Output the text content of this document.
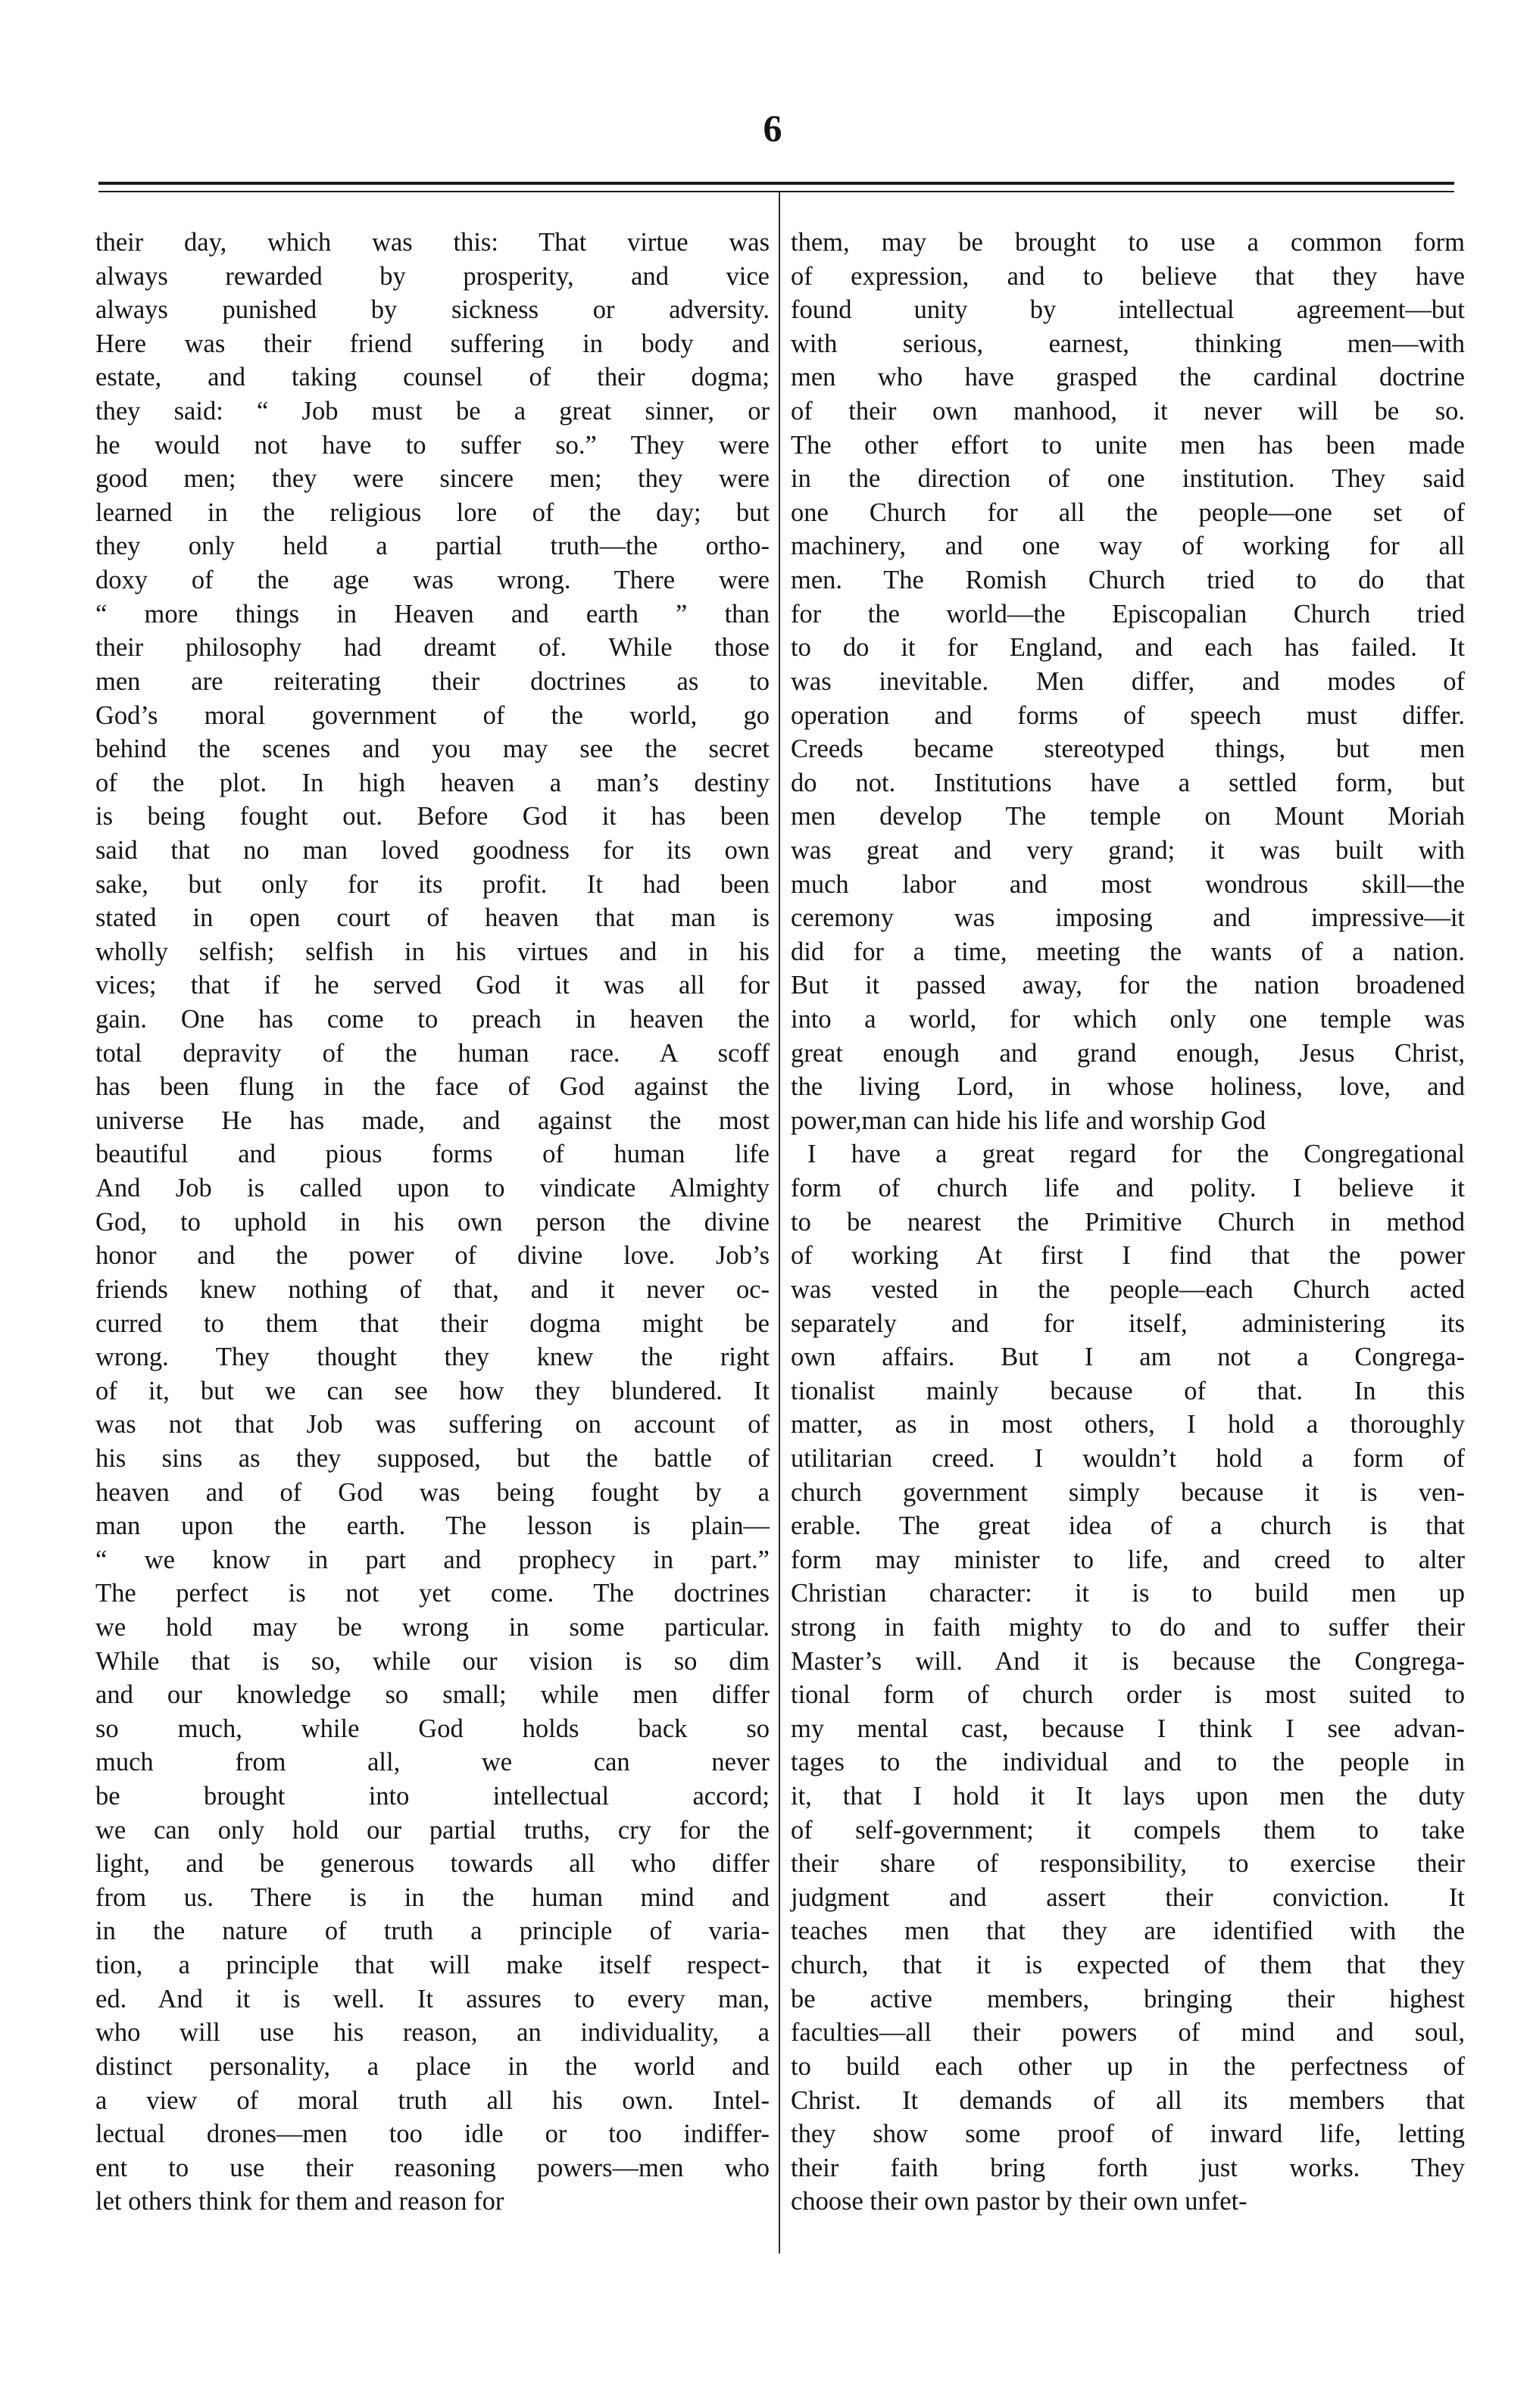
6
their day, which was this: That virtue was
always rewarded by prosperity, and vice
always punished by sickness or adversity.
Here was their friend suffering in body and
estate, and taking counsel of their dogma;
they said: “ Job must be a great sinner, or
he would not have to suffer so.” They were
good men; they were sincere men; they were
learned in the religious lore of the day; but
they only held a partial truth—the ortho-
doxy of the age was wrong. There were
“ more things in Heaven and earth ” than
their philosophy had dreamt of. While those
men are reiterating their doctrines as to
God’s moral government of the world, go
behind the scenes and you may see the secret
of the plot. In high heaven a man’s destiny
is being fought out. Before God it has been
said that no man loved goodness for its own
sake, but only for its profit. It had been
stated in open court of heaven that man is
wholly selfish; selfish in his virtues and in his
vices; that if he served God it was all for
gain. One has come to preach in heaven the
total depravity of the human race. A scoff
has been flung in the face of God against the
universe He has made, and against the most
beautiful and pious forms of human life
And Job is called upon to vindicate Almighty
God, to uphold in his own person the divine
honor and the power of divine love. Job’s
friends knew nothing of that, and it never oc-
curred to them that their dogma might be
wrong. They thought they knew the right
of it, but we can see how they blundered. It
was not that Job was suffering on account of
his sins as they supposed, but the battle of
heaven and of God was being fought by a
man upon the earth. The lesson is plain—
“ we know in part and prophecy in part.”
The perfect is not yet come. The doctrines
we hold may be wrong in some particular.
While that is so, while our vision is so dim
and our knowledge so small; while men differ
so much, while God holds back so
much from all, we can never
be brought into intellectual accord;
we can only hold our partial truths, cry for the
light, and be generous towards all who differ
from us. There is in the human mind and
in the nature of truth a principle of varia-
tion, a principle that will make itself respect-
ed. And it is well. It assures to every man,
who will use his reason, an individuality, a
distinct personality, a place in the world and
a view of moral truth all his own. Intel-
lectual drones—men too idle or too indiffer-
ent to use their reasoning powers—men who
let others think for them and reason for
them, may be brought to use a common form
of expression, and to believe that they have
found unity by intellectual agreement—but
with serious, earnest, thinking men—with
men who have grasped the cardinal doctrine
of their own manhood, it never will be so.
The other effort to unite men has been made
in the direction of one institution. They said
one Church for all the people—one set of
machinery, and one way of working for all
men. The Romish Church tried to do that
for the world—the Episcopalian Church tried
to do it for England, and each has failed. It
was inevitable. Men differ, and modes of
operation and forms of speech must differ.
Creeds became stereotyped things, but men
do not. Institutions have a settled form, but
men develop The temple on Mount Moriah
was great and very grand; it was built with
much labor and most wondrous skill—the
ceremony was imposing and impressive—it
did for a time, meeting the wants of a nation.
But it passed away, for the nation broadened
into a world, for which only one temple was
great enough and grand enough, Jesus Christ,
the living Lord, in whose holiness, love, and
power,man can hide his life and worship God
I have a great regard for the Congregational
form of church life and polity. I believe it
to be nearest the Primitive Church in method
of working At first I find that the power
was vested in the people—each Church acted
separately and for itself, administering its
own affairs. But I am not a Congrega-
tionalist mainly because of that. In this
matter, as in most others, I hold a thoroughly
utilitarian creed. I wouldn’t hold a form of
church government simply because it is ven-
erable. The great idea of a church is that
form may minister to life, and creed to alter
Christian character: it is to build men up
strong in faith mighty to do and to suffer their
Master’s will. And it is because the Congrega-
tional form of church order is most suited to
my mental cast, because I think I see advan-
tages to the individual and to the people in
it, that I hold it It lays upon men the duty
of self-government; it compels them to take
their share of responsibility, to exercise their
judgment and assert their conviction. It
teaches men that they are identified with the
church, that it is expected of them that they
be active members, bringing their highest
faculties—all their powers of mind and soul,
to build each other up in the perfectness of
Christ. It demands of all its members that
they show some proof of inward life, letting
their faith bring forth just works. They
choose their own pastor by their own unfet-
